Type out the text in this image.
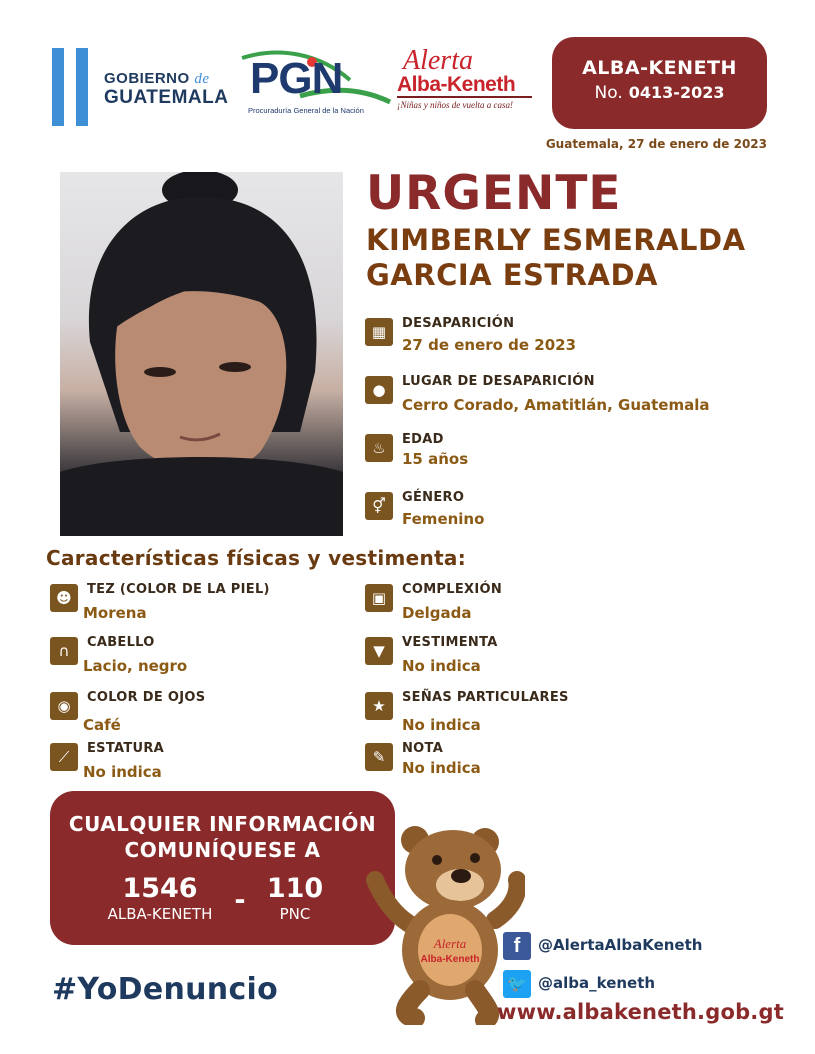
GOBIERNO de
GUATEMALA PGN
Procuraduría General de la Nación
Alerta
Alba-Keneth
¡Niñas y niños de vuelta a casa!
ALBA-KENETH
No. 0413-2023
Guatemala, 27 de enero de 2023
URGENTE
KIMBERLY ESMERALDA
GARCIA ESTRADA
▦	DESAPARICIÓN
27 de enero de 2023
●	LUGAR DE DESAPARICIÓN
Cerro Corado, Amatitlán, Guatemala
♨	EDAD
15 años
⚥	GÉNERO
Femenino
Características físicas y vestimenta:
☻	TEZ (COLOR DE LA PIEL)
Morena
∩	CABELLO
Lacio, negro
◉	COLOR DE OJOS
Café
⟋	ESTATURA
No indica
▣	COMPLEXIÓN
Delgada
▼	VESTIMENTA
No indica
★	SEÑAS PARTICULARES
No indica
✎	NOTA
No indica
CUALQUIER INFORMACIÓN
COMUNÍQUESE A
1546
ALBA-KENETH - 110
PNC
Alerta
Alba-Keneth
#YoDenuncio
f	@AlertaAlbaKeneth
🐦 @alba_keneth
www.albakeneth.gob.gt
